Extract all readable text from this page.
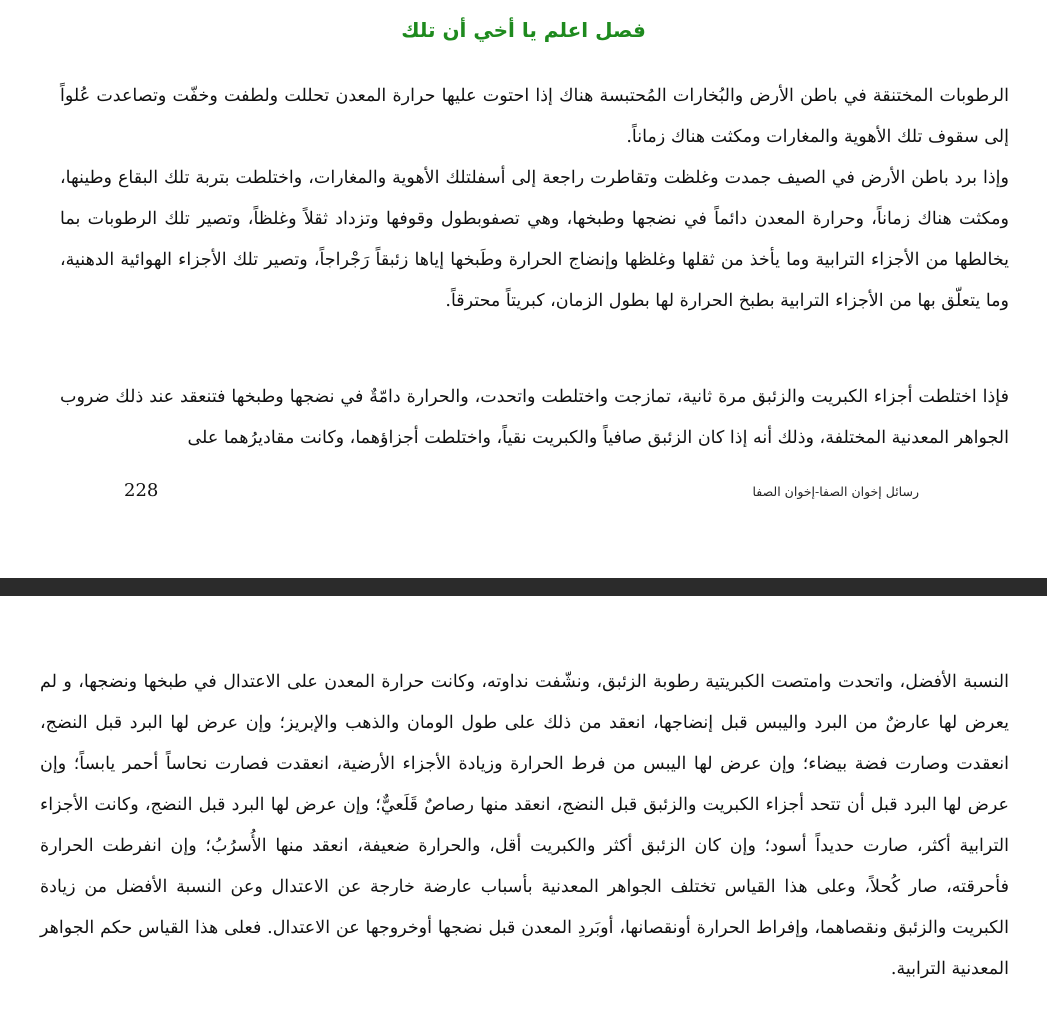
فصل اعلم يا أخي أن تلك

الرطوبات المختنقة في باطن الأرض والبُخارات المُحتبسة هناك إذا احتوت عليها حرارة المعدن تحللت ولطفت وخفّت وتصاعدت عُلواً إلى سقوف تلك الأهوية والمغارات ومكثت هناك زماناً.

وإذا برد باطن الأرض في الصيف جمدت وغلظت وتقاطرت راجعة إلى أسفلتلك الأهوية والمغارات، واختلطت بتربة تلك البقاع وطينها، ومكثت هناك زماناً، وحرارة المعدن دائماً في نضجها وطبخها، وهي تصفوبطول وقوفها وتزداد ثقلاً وغلظاً، وتصير تلك الرطوبات بما يخالطها من الأجزاء الترابية وما يأخذ من ثقلها وغلظها وإنضاج الحرارة وطَبخها إياها زئبقاً رَجْراجاً، وتصير تلك الأجزاء الهوائية الدهنية، وما يتعلّق بها من الأجزاء الترابية بطبخ الحرارة لها بطول الزمان، كبريتاً محترقاً.

فإذا اختلطت أجزاء الكبريت والزئبق مرة ثانية، تمازجت واختلطت واتحدت، والحرارة دامّةٌ في نضجها وطبخها فتنعقد عند ذلك ضروب الجواهر المعدنية المختلفة، وذلك أنه إذا كان الزئبق صافياً والكبريت نقياً، واختلطت أجزاؤهما، وكانت مقاديرُهما على

رسائل إخوان الصفا-إخوان الصفا
228

النسبة الأفضل، واتحدت وامتصت الكبريتية رطوبة الزئبق، ونشّفت نداوته، وكانت حرارة المعدن على الاعتدال في طبخها ونضجها، و لم يعرض لها عارضٌ من البرد واليبس قبل إنضاجها، انعقد من ذلك على طول الومان والذهب والإبريز؛ وإن عرض لها البرد قبل النضج، انعقدت وصارت فضة بيضاء؛ وإن عرض لها اليبس من فرط الحرارة وزيادة الأجزاء الأرضية، انعقدت فصارت نحاساً أحمر يابساً؛ وإن عرض لها البرد قبل أن تتحد أجزاء الكبريت والزئبق قبل النضج، انعقد منها رصاصٌ قَلَعيٌّ؛ وإن عرض لها البرد قبل النضج، وكانت الأجزاء الترابية أكثر، صارت حديداً أسود؛ وإن كان الزئبق أكثر والكبريت أقل، والحرارة ضعيفة، انعقد منها الأُسرُبُ؛ وإن انفرطت الحرارة فأحرقته، صار كُحلاً، وعلى هذا القياس تختلف الجواهر المعدنية بأسباب عارضة خارجة عن الاعتدال وعن النسبة الأفضل من زيادة الكبريت والزئبق ونقصاهما، وإفراط الحرارة أونقصانها، أوبَردِ المعدن قبل نضجها أوخروجها عن الاعتدال. فعلى هذا القياس حكم الجواهر المعدنية الترابية.
